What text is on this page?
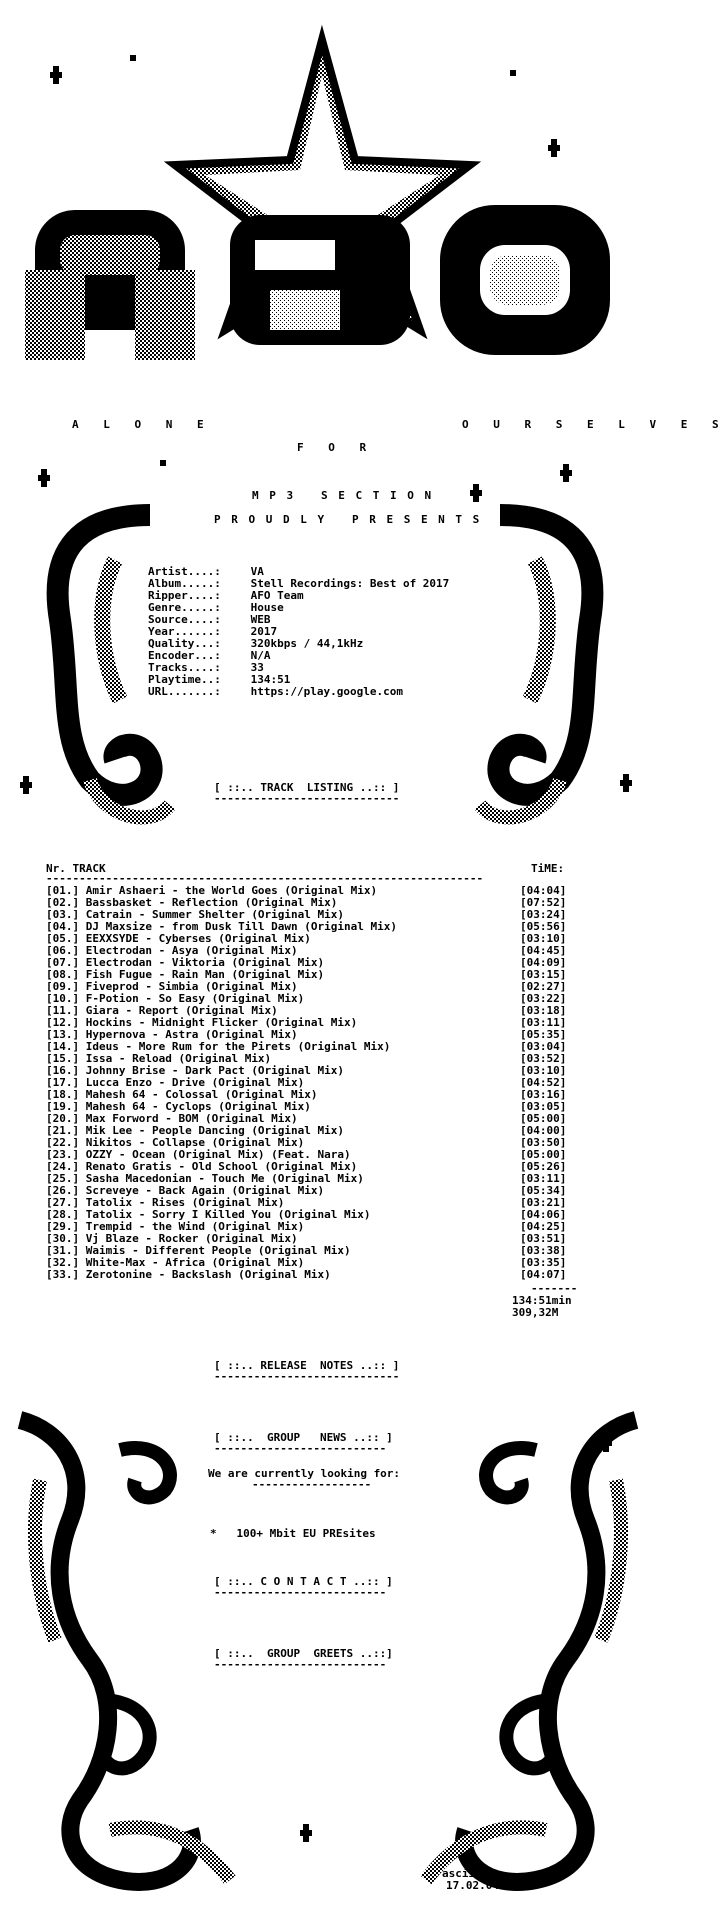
A L O N E	O U R S E L V E S
F O R
M P 3   S E C T I O N
P R O U D L Y   P R E S E N T S
Artist....:	VA
Album.....:	Stell Recordings: Best of 2017
Ripper....:	AFO Team
Genre.....:	House
Source....:	WEB
Year......:	2017
Quality...:	320kbps / 44,1kHz
Encoder...:	N/A
Tracks....:	33
Playtime..:	134:51
URL.......:	https://play.google.com
[ ::.. TRACK  LISTING ..:: ]
----------------------------
Nr. TRACK	TiME:
------------------------------------------------------------------
[01.] Amir Ashaeri - the World Goes (Original Mix)	[04:04]
[02.] Bassbasket - Reflection (Original Mix)	[07:52]
[03.] Catrain - Summer Shelter (Original Mix)	[03:24]
[04.] DJ Maxsize - from Dusk Till Dawn (Original Mix)	[05:56]
[05.] EEXXSYDE - Cyberses (Original Mix)	[03:10]
[06.] Electrodan - Asya (Original Mix)	[04:45]
[07.] Electrodan - Viktoria (Original Mix)	[04:09]
[08.] Fish Fugue - Rain Man (Original Mix)	[03:15]
[09.] Fiveprod - Simbia (Original Mix)	[02:27]
[10.] F-Potion - So Easy (Original Mix)	[03:22]
[11.] Giara - Report (Original Mix)	[03:18]
[12.] Hockins - Midnight Flicker (Original Mix)	[03:11]
[13.] Hypernova - Astra (Original Mix)	[05:35]
[14.] Ideus - More Rum for the Pirets (Original Mix)	[03:04]
[15.] Issa - Reload (Original Mix)	[03:52]
[16.] Johnny Brise - Dark Pact (Original Mix)	[03:10]
[17.] Lucca Enzo - Drive (Original Mix)	[04:52]
[18.] Mahesh 64 - Colossal (Original Mix)	[03:16]
[19.] Mahesh 64 - Cyclops (Original Mix)	[03:05]
[20.] Max Forword - BOM (Original Mix)	[05:00]
[21.] Mik Lee - People Dancing (Original Mix)	[04:00]
[22.] Nikitos - Collapse (Original Mix)	[03:50]
[23.] OZZY - Ocean (Original Mix) (Feat. Nara)	[05:00]
[24.] Renato Gratis - Old School (Original Mix)	[05:26]
[25.] Sasha Macedonian - Touch Me (Original Mix)	[03:11]
[26.] Screveye - Back Again (Original Mix)	[05:34]
[27.] Tatolix - Rises (Original Mix)	[03:21]
[28.] Tatolix - Sorry I Killed You (Original Mix)	[04:06]
[29.] Trempid - the Wind (Original Mix)	[04:25]
[30.] Vj Blaze - Rocker (Original Mix)	[03:51]
[31.] Waimis - Different People (Original Mix)	[03:38]
[32.] White-Max - Africa (Original Mix)	[03:35]
[33.] Zerotonine - Backslash (Original Mix)	[04:07]
-------
134:51min
309,32M
[ ::.. RELEASE  NOTES ..:: ]
----------------------------
[ ::..  GROUP   NEWS ..:: ]
--------------------------
We are currently looking for:
------------------
*   100+ Mbit EU PREsites
[ ::.. C O N T A C T ..:: ]
--------------------------
[ ::..  GROUP  GREETS ..::]
--------------------------
ascii.afo
17.02.04
